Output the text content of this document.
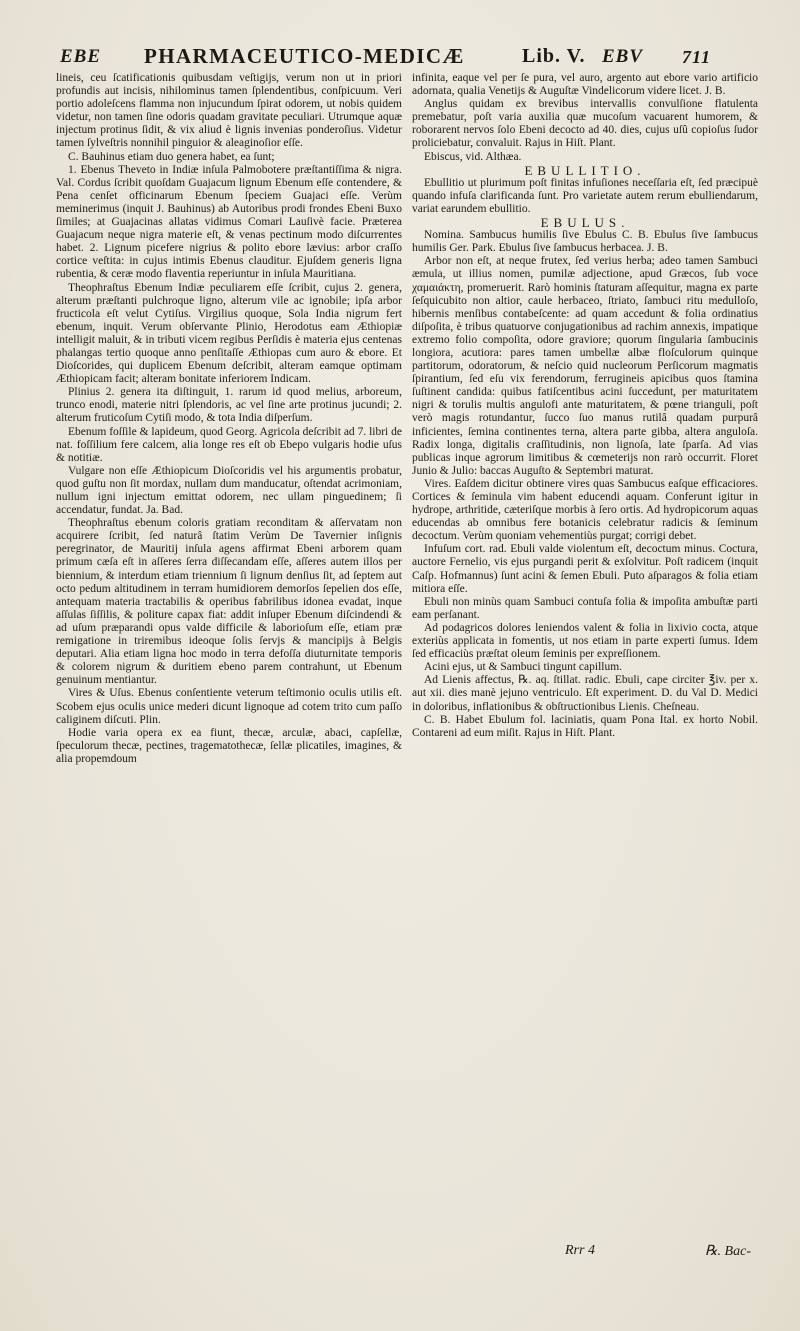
EBE PHARMACEUTICO-MEDICÆ	Lib. V. EBV 711

lineis, ceu ſcatificationis quibusdam veſtigijs, verum non ut in priori profundis aut incisis, nihilominus tamen ſplendentibus, conſpicuum. Veri portio adoleſcens flamma non injucundum ſpirat odorem, ut nobis quidem videtur, non tamen ſine odoris quadam gravitate peculiari. Utrumque aquæ injectum protinus ſidit, & vix aliud è lignis invenias ponderoſius. Videtur tamen ſylveſtris nonnihil pinguior & aleaginoſior eſſe.

C. Bauhinus etiam duo genera habet, ea ſunt;

1. Ebenus Theveto in Indiæ inſula Palmobotere præſtantiſſima & nigra. Val. Cordus ſcribit quoſdam Guajacum lignum Ebenum eſſe contendere, & Pena cenſet officinarum Ebenum ſpeciem Guajaci eſſe. Verùm meminerimus (inquit J. Bauhinus) ab Autoribus prodi frondes Ebeni Buxo ſimiles; at Guajacinas allatas vidimus Comari Lauſivè facie. Præterea Guajacum neque nigra materie eſt, & venas pectinum modo diſcurrentes habet. 2. Lignum picefere nigrius & polito ebore lævius: arbor craſſo cortice veſtita: in cujus intimis Ebenus clauditur. Ejuſdem generis ligna rubentia, & ceræ modo flaventia reperiuntur in inſula Mauritiana.

Theophraſtus Ebenum Indiæ peculiarem eſſe ſcribit, cujus 2. genera, alterum præſtanti pulchroque ligno, alterum vile ac ignobile; ipſa arbor fructicola eſt velut Cytiſus. Virgilius quoque, Sola India nigrum fert ebenum, inquit. Verum obſervante Plinio, Herodotus eam Æthiopiæ intelligit maluit, & in tributi vicem regibus Perſidis è materia ejus centenas phalangas tertio quoque anno penſitaſſe Æthiopas cum auro & ebore. Et Dioſcorides, qui duplicem Ebenum deſcribit, alteram eamque optimam Æthiopicam facit; alteram bonitate inferiorem Indicam.

Plinius 2. genera ita diſtinguit, 1. rarum id quod melius, arboreum, trunco enodi, materie nitri ſplendoris, ac vel ſine arte protinus jucundi; 2. alterum fruticoſum Cytiſi modo, & tota India diſperſum.

Ebenum foſſile & lapideum, quod Georg. Agricola deſcribit ad 7. libri de nat. foſſilium fere calcem, alia longe res eſt ob Ebepo vulgaris hodie uſus & notitiæ.

Vulgare non eſſe Æthiopicum Dioſcoridis vel his argumentis probatur, quod guſtu non ſit mordax, nullam dum manducatur, oſtendat acrimoniam, nullum igni injectum emittat odorem, nec ullam pinguedinem; ſi accendatur, fundat. Ja. Bad.

Theophraſtus ebenum coloris gratiam reconditam & aſſervatam non acquirere ſcribit, ſed naturâ ſtatim Verùm De Tavernier inſignis peregrinator, de Mauritij inſula agens affirmat Ebeni arborem quam primum cæſa eſt in aſſeres ſerra diſſecandam eſſe, aſſeres autem illos per biennium, & interdum etiam triennium ſi lignum denſius ſit, ad ſeptem aut octo pedum altitudinem in terram humidiorem demorſos ſepelien dos eſſe, antequam materia tractabilis & operibus fabrilibus idonea evadat, inque aſſulas ſiſſilis, & politure capax fiat: addit inſuper Ebenum diſcindendi & ad uſum præparandi opus valde difficile & laborioſum eſſe, etiam præ remigatione in triremibus ideoque ſolis ſervjs & mancipijs à Belgis deputari. Alia etiam ligna hoc modo in terra defoſſa diuturnitate temporis & colorem nigrum & duritiem ebeno parem contrahunt, ut Ebenum genuinum mentiantur.

Vires & Uſus. Ebenus conſentiente veterum teſtimonio oculis utilis eſt. Scobem ejus oculis unice mederi dicunt lignoque ad cotem trito cum paſſo caliginem diſcuti. Plin.

Hodie varia opera ex ea fiunt, thecæ, arculæ, abaci, capſellæ, ſpeculorum thecæ, pectines, tragematothecæ, ſellæ plicatiles, imagines, & alia propemdoum

infinita, eaque vel per ſe pura, vel auro, argento aut ebore vario artificio adornata, qualia Venetijs & Auguſtæ Vindelicorum videre licet. J. B.

Anglus quidam ex brevibus intervallis convulſione flatulenta premebatur, poſt varia auxilia quæ mucoſum vacuarent humorem, & roborarent nervos ſolo Ebeni decocto ad 40. dies, cujus uſû copioſus ſudor proliciebatur, convaluit. Rajus in Hiſt. Plant.

Ebiscus, vid. Althæa.

EBULLITIO.

Ebullitio ut plurimum poſt finitas infuſiones neceſſaria eſt, ſed præcipuè quando infuſa clarificanda ſunt. Pro varietate autem rerum ebulliendarum, variat earundem ebullitio.

EBULUS.

Nomina. Sambucus humilis ſive Ebulus C. B. Ebulus ſive ſambucus humilis Ger. Park. Ebulus ſive ſambucus herbacea. J. B.

Arbor non eſt, at neque frutex, ſed verius herba; adeo tamen Sambuci æmula, ut illius nomen, pumilæ adjectione, apud Græcos, ſub voce χαμαιάκτη, promeruerit. Rarò hominis ſtaturam aſſequitur, magna ex parte ſeſquicubito non altior, caule herbaceo, ſtriato, ſambuci ritu medulloſo, hibernis menſibus contabeſcente: ad quam accedunt & folia ordinatius diſpoſita, è tribus quatuorve conjugationibus ad rachim annexis, impatique extremo folio compoſita, odore graviore; quorum ſingularia ſambucinis longiora, acutiora: pares tamen umbellæ albæ floſculorum quinque partitorum, odoratorum, & neſcio quid nucleorum Perſicorum magmatis ſpirantium, ſed eſu vix ferendorum, ferrugineis apicibus quos ſtamina ſuſtinent candida: quibus fatiſcentibus acini ſuccedunt, per maturitatem nigri & torulis multis angulofi ante maturitatem, & pœne trianguli, poſt verò magis rotundantur, ſucco ſuo manus rutilâ quadam purpurâ inficientes, ſemina continentes terna, altera parte gibba, altera anguloſa. Radix longa, digitalis craſſitudinis, non lignoſa, late ſparſa. Ad vias publicas inque agrorum limitibus & cœmeterijs non rarò occurrit. Floret Junio & Julio: baccas Auguſto & Septembri maturat.

Vires. Eaſdem dicitur obtinere vires quas Sambucus eaſque efficaciores. Cortices & ſeminula vim habent educendi aquam. Conferunt igitur in hydrope, arthritide, cæteriſque morbis à ſero ortis. Ad hydropicorum aquas educendas ab omnibus fere botanicis celebratur radicis & ſeminum decoctum. Verùm quoniam vehementiùs purgat; corrigi debet.

Infuſum cort. rad. Ebuli valde violentum eſt, decoctum minus. Coctura, auctore Fernelio, vis ejus purgandi perit & exſolvitur. Poſt radicem (inquit Caſp. Hofmannus) ſunt acini & ſemen Ebuli. Puto aſparagos & folia etiam mitiora eſſe.

Ebuli non minùs quam Sambuci contuſa folia & impoſita ambuſtæ parti eam perſanant.

Ad podagricos dolores leniendos valent & folia in lixivio cocta, atque exteriùs applicata in fomentis, ut nos etiam in parte experti ſumus. Idem ſed efficaciùs præſtat oleum ſeminis per expreſſionem.

Acini ejus, ut & Sambuci tingunt capillum.

Ad Lienis affectus, ℞. aq. ſtillat. radic. Ebuli, cape circiter ℥iv. per x. aut xii. dies manè jejuno ventriculo. Eſt experiment. D. du Val D. Medici in doloribus, inflationibus & obſtructionibus Lienis. Cheſneau.

C. B. Habet Ebulum fol. laciniatis, quam Pona Ital. ex horto Nobil. Contareni ad eum miſit. Rajus in Hiſt. Plant.

Rrr 4	℞. Bac-
